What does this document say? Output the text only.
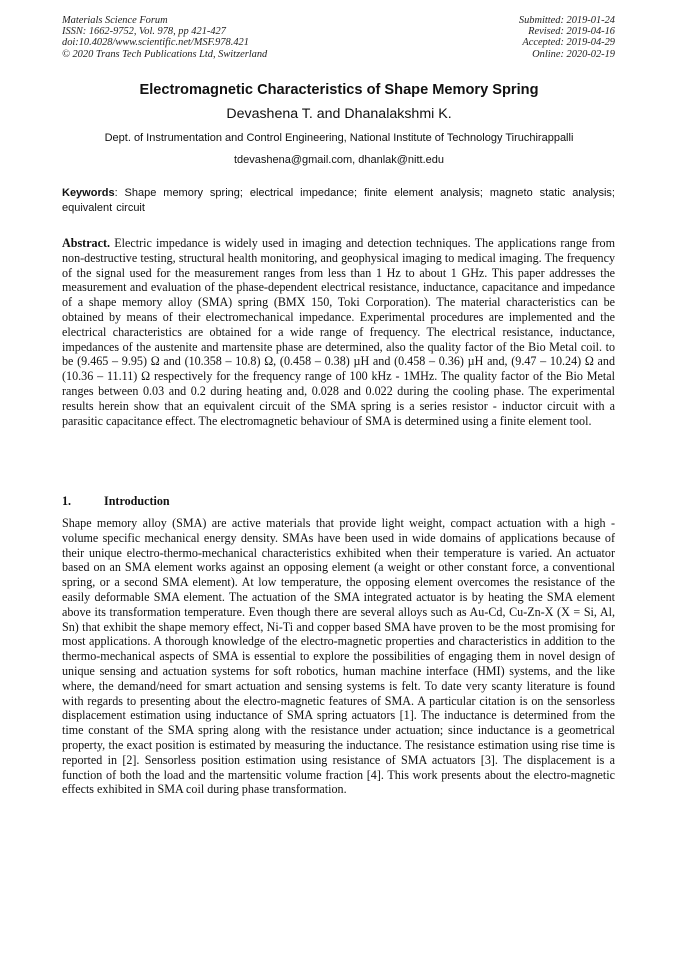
Materials Science Forum
ISSN: 1662-9752, Vol. 978, pp 421-427
doi:10.4028/www.scientific.net/MSF.978.421
© 2020 Trans Tech Publications Ltd, Switzerland
Submitted: 2019-01-24
Revised: 2019-04-16
Accepted: 2019-04-29
Online: 2020-02-19
Electromagnetic Characteristics of Shape Memory Spring
Devashena T. and Dhanalakshmi K.
Dept. of Instrumentation and Control Engineering, National Institute of Technology Tiruchirappalli
tdevashena@gmail.com, dhanlak@nitt.edu

Keywords: Shape memory spring; electrical impedance; finite element analysis; magneto static analysis; equivalent circuit

Abstract. Electric impedance is widely used in imaging and detection techniques. The applications range from non-destructive testing, structural health monitoring, and geophysical imaging to medical imaging. The frequency of the signal used for the measurement ranges from less than 1 Hz to about 1 GHz. This paper addresses the measurement and evaluation of the phase-dependent electrical resistance, inductance, capacitance and impedance of a shape memory alloy (SMA) spring (BMX 150, Toki Corporation). The material characteristics can be obtained by means of their electromechanical impedance. Experimental procedures are implemented and the electrical characteristics are obtained for a wide range of frequency. The electrical resistance, inductance, impedances of the austenite and martensite phase are determined, also the quality factor of the Bio Metal coil. to be (9.465 – 9.95) Ω and (10.358 – 10.8) Ω, (0.458 – 0.38) µH and (0.458 – 0.36) µH and, (9.47 – 10.24) Ω and (10.36 – 11.11) Ω respectively for the frequency range of 100 kHz - 1MHz. The quality factor of the Bio Metal ranges between 0.03 and 0.2 during heating and, 0.028 and 0.022 during the cooling phase. The experimental results herein show that an equivalent circuit of the SMA spring is a series resistor - inductor circuit with a parasitic capacitance effect. The electromagnetic behaviour of SMA is determined using a finite element tool.

1.	Introduction

Shape memory alloy (SMA) are active materials that provide light weight, compact actuation with a high - volume specific mechanical energy density. SMAs have been used in wide domains of applications because of their unique electro-thermo-mechanical characteristics exhibited when their temperature is varied. An actuator based on an SMA element works against an opposing element (a weight or other constant force, a conventional spring, or a second SMA element). At low temperature, the opposing element overcomes the resistance of the easily deformable SMA element. The actuation of the SMA integrated actuator is by heating the SMA element above its transformation temperature. Even though there are several alloys such as Au-Cd, Cu-Zn-X (X = Si, Al, Sn) that exhibit the shape memory effect, Ni-Ti and copper based SMA have proven to be the most promising for most applications. A thorough knowledge of the electro-magnetic properties and characteristics in addition to the thermo-mechanical aspects of SMA is essential to explore the possibilities of engaging them in novel design of unique sensing and actuation systems for soft robotics, human machine interface (HMI) systems, and the like where, the demand/need for smart actuation and sensing systems is felt. To date very scanty literature is found with regards to presenting about the electro-magnetic features of SMA. A particular citation is on the sensorless displacement estimation using inductance of SMA spring actuators [1]. The inductance is determined from the time constant of the SMA spring along with the resistance under actuation; since inductance is a geometrical property, the exact position is estimated by measuring the inductance. The resistance estimation using rise time is reported in [2]. Sensorless position estimation using resistance of SMA actuators [3]. The displacement is a function of both the load and the martensitic volume fraction [4]. This work presents about the electro-magnetic effects exhibited in SMA coil during phase transformation.
